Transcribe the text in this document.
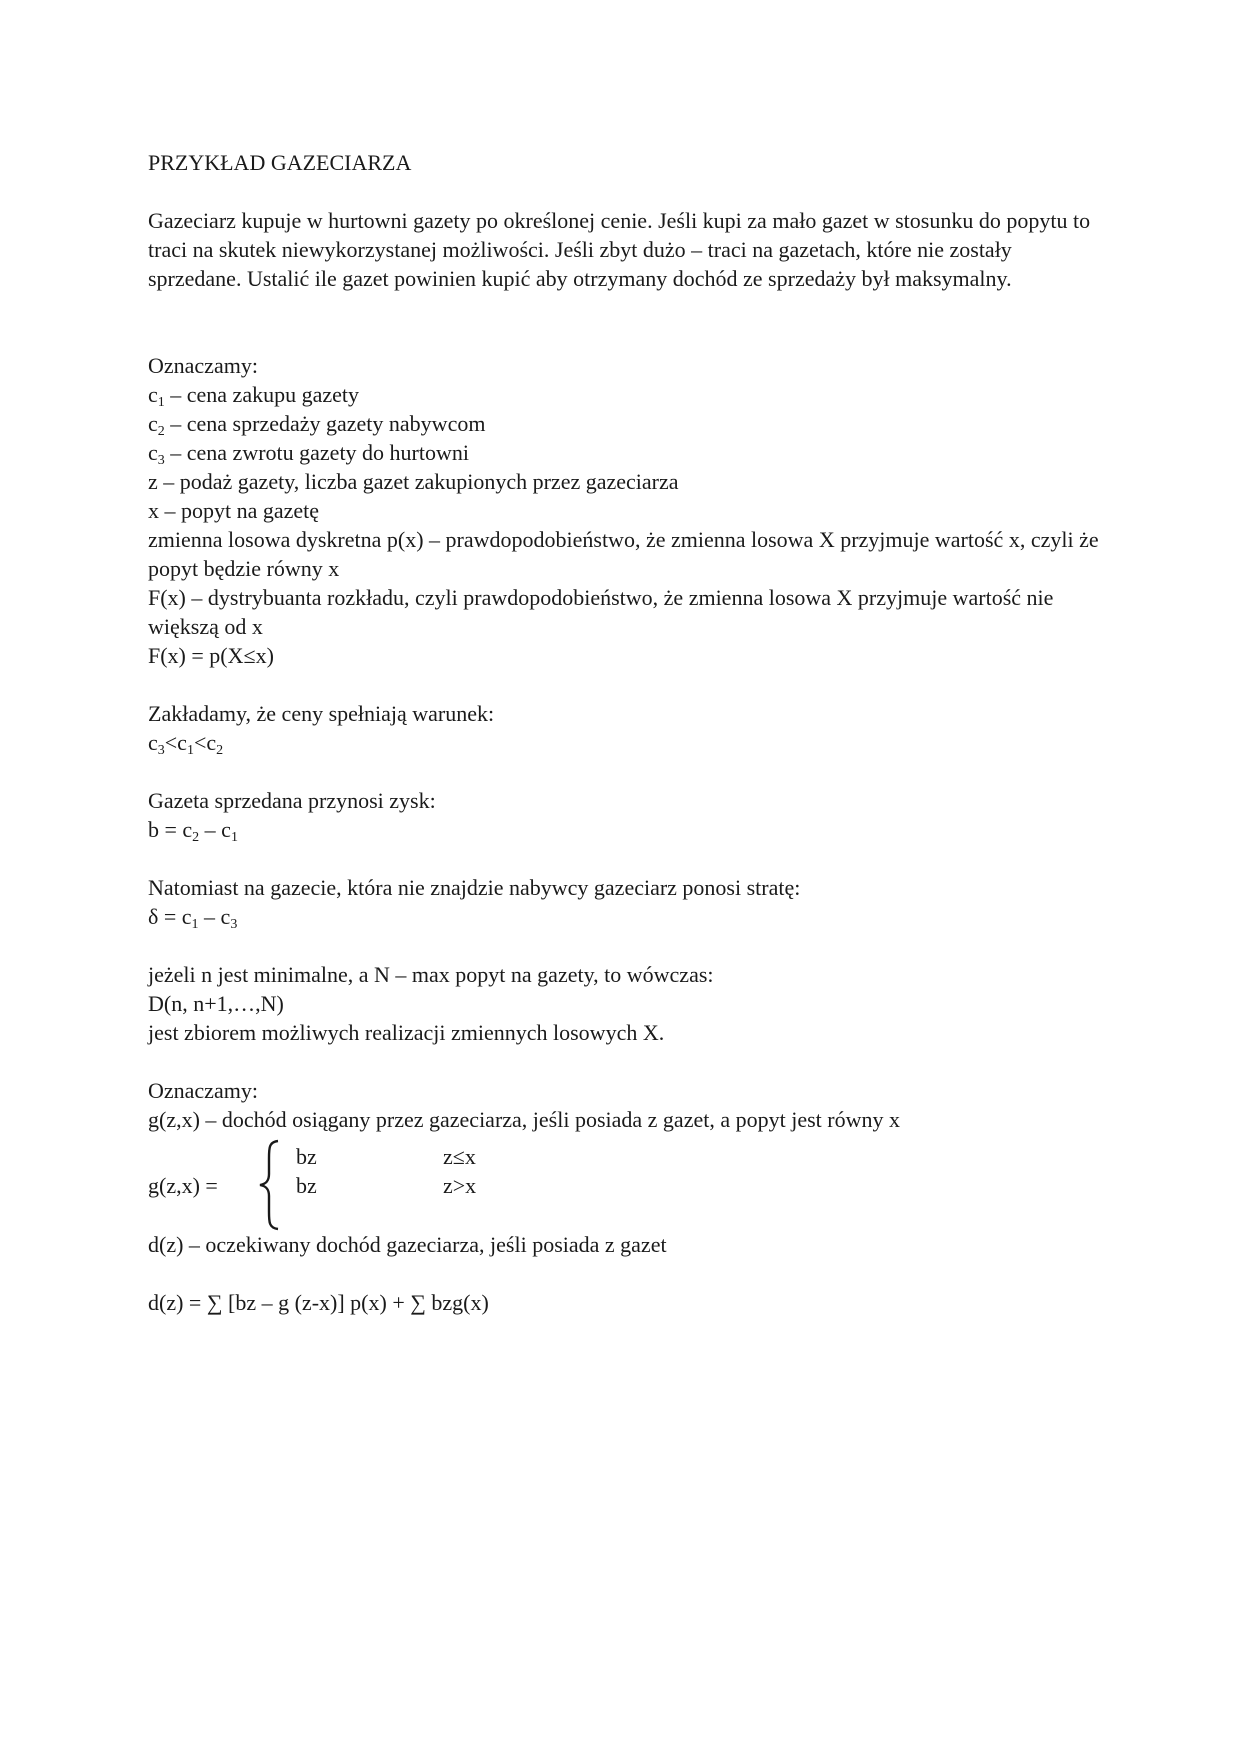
PRZYKŁAD GAZECIARZA
Gazeciarz kupuje w hurtowni gazety po określonej cenie. Jeśli kupi za mało gazet w stosunku do popytu to traci na skutek niewykorzystanej możliwości. Jeśli zbyt dużo – traci na gazetach, które nie zostały sprzedane. Ustalić ile gazet powinien kupić aby otrzymany dochód ze sprzedaży był maksymalny.
Oznaczamy:
$c_1$ – cena zakupu gazety
$c_2$ – cena sprzedaży gazety nabywcom
$c_3$ – cena zwrotu gazety do hurtowni
z – podaż gazety, liczba gazet zakupionych przez gazeciarza
x – popyt na gazetę
zmienna losowa dyskretna p(x) – prawdopodobieństwo, że zmienna losowa X przyjmuje wartość x, czyli że popyt będzie równy x
F(x) – dystrybuanta rozkładu, czyli prawdopodobieństwo, że zmienna losowa X przyjmuje wartość nie większą od x
F(x) = p(X≤x)
Zakładamy, że ceny spełniają warunek:
$c_3<c_1<c_2$
Gazeta sprzedana przynosi zysk:
$b = c_2 - c_1$
Natomiast na gazecie, która nie znajdzie nabywcy gazeciarz ponosi stratę:
$\delta = c_1 - c_3$
jeżeli n jest minimalne, a N – max popyt na gazety, to wówczas:
D(n, n+1,…,N)
jest zbiorem możliwych realizacji zmiennych losowych X.
Oznaczamy:
g(z,x) – dochód osiągany przez gazeciarza, jeśli posiada z gazet, a popyt jest równy x
g(z,x) =
bz	z≤x
bz	z>x
d(z) – oczekiwany dochód gazeciarza, jeśli posiada z gazet
d(z) = ∑ [bz – g (z-x)] p(x) + ∑ bzg(x)
